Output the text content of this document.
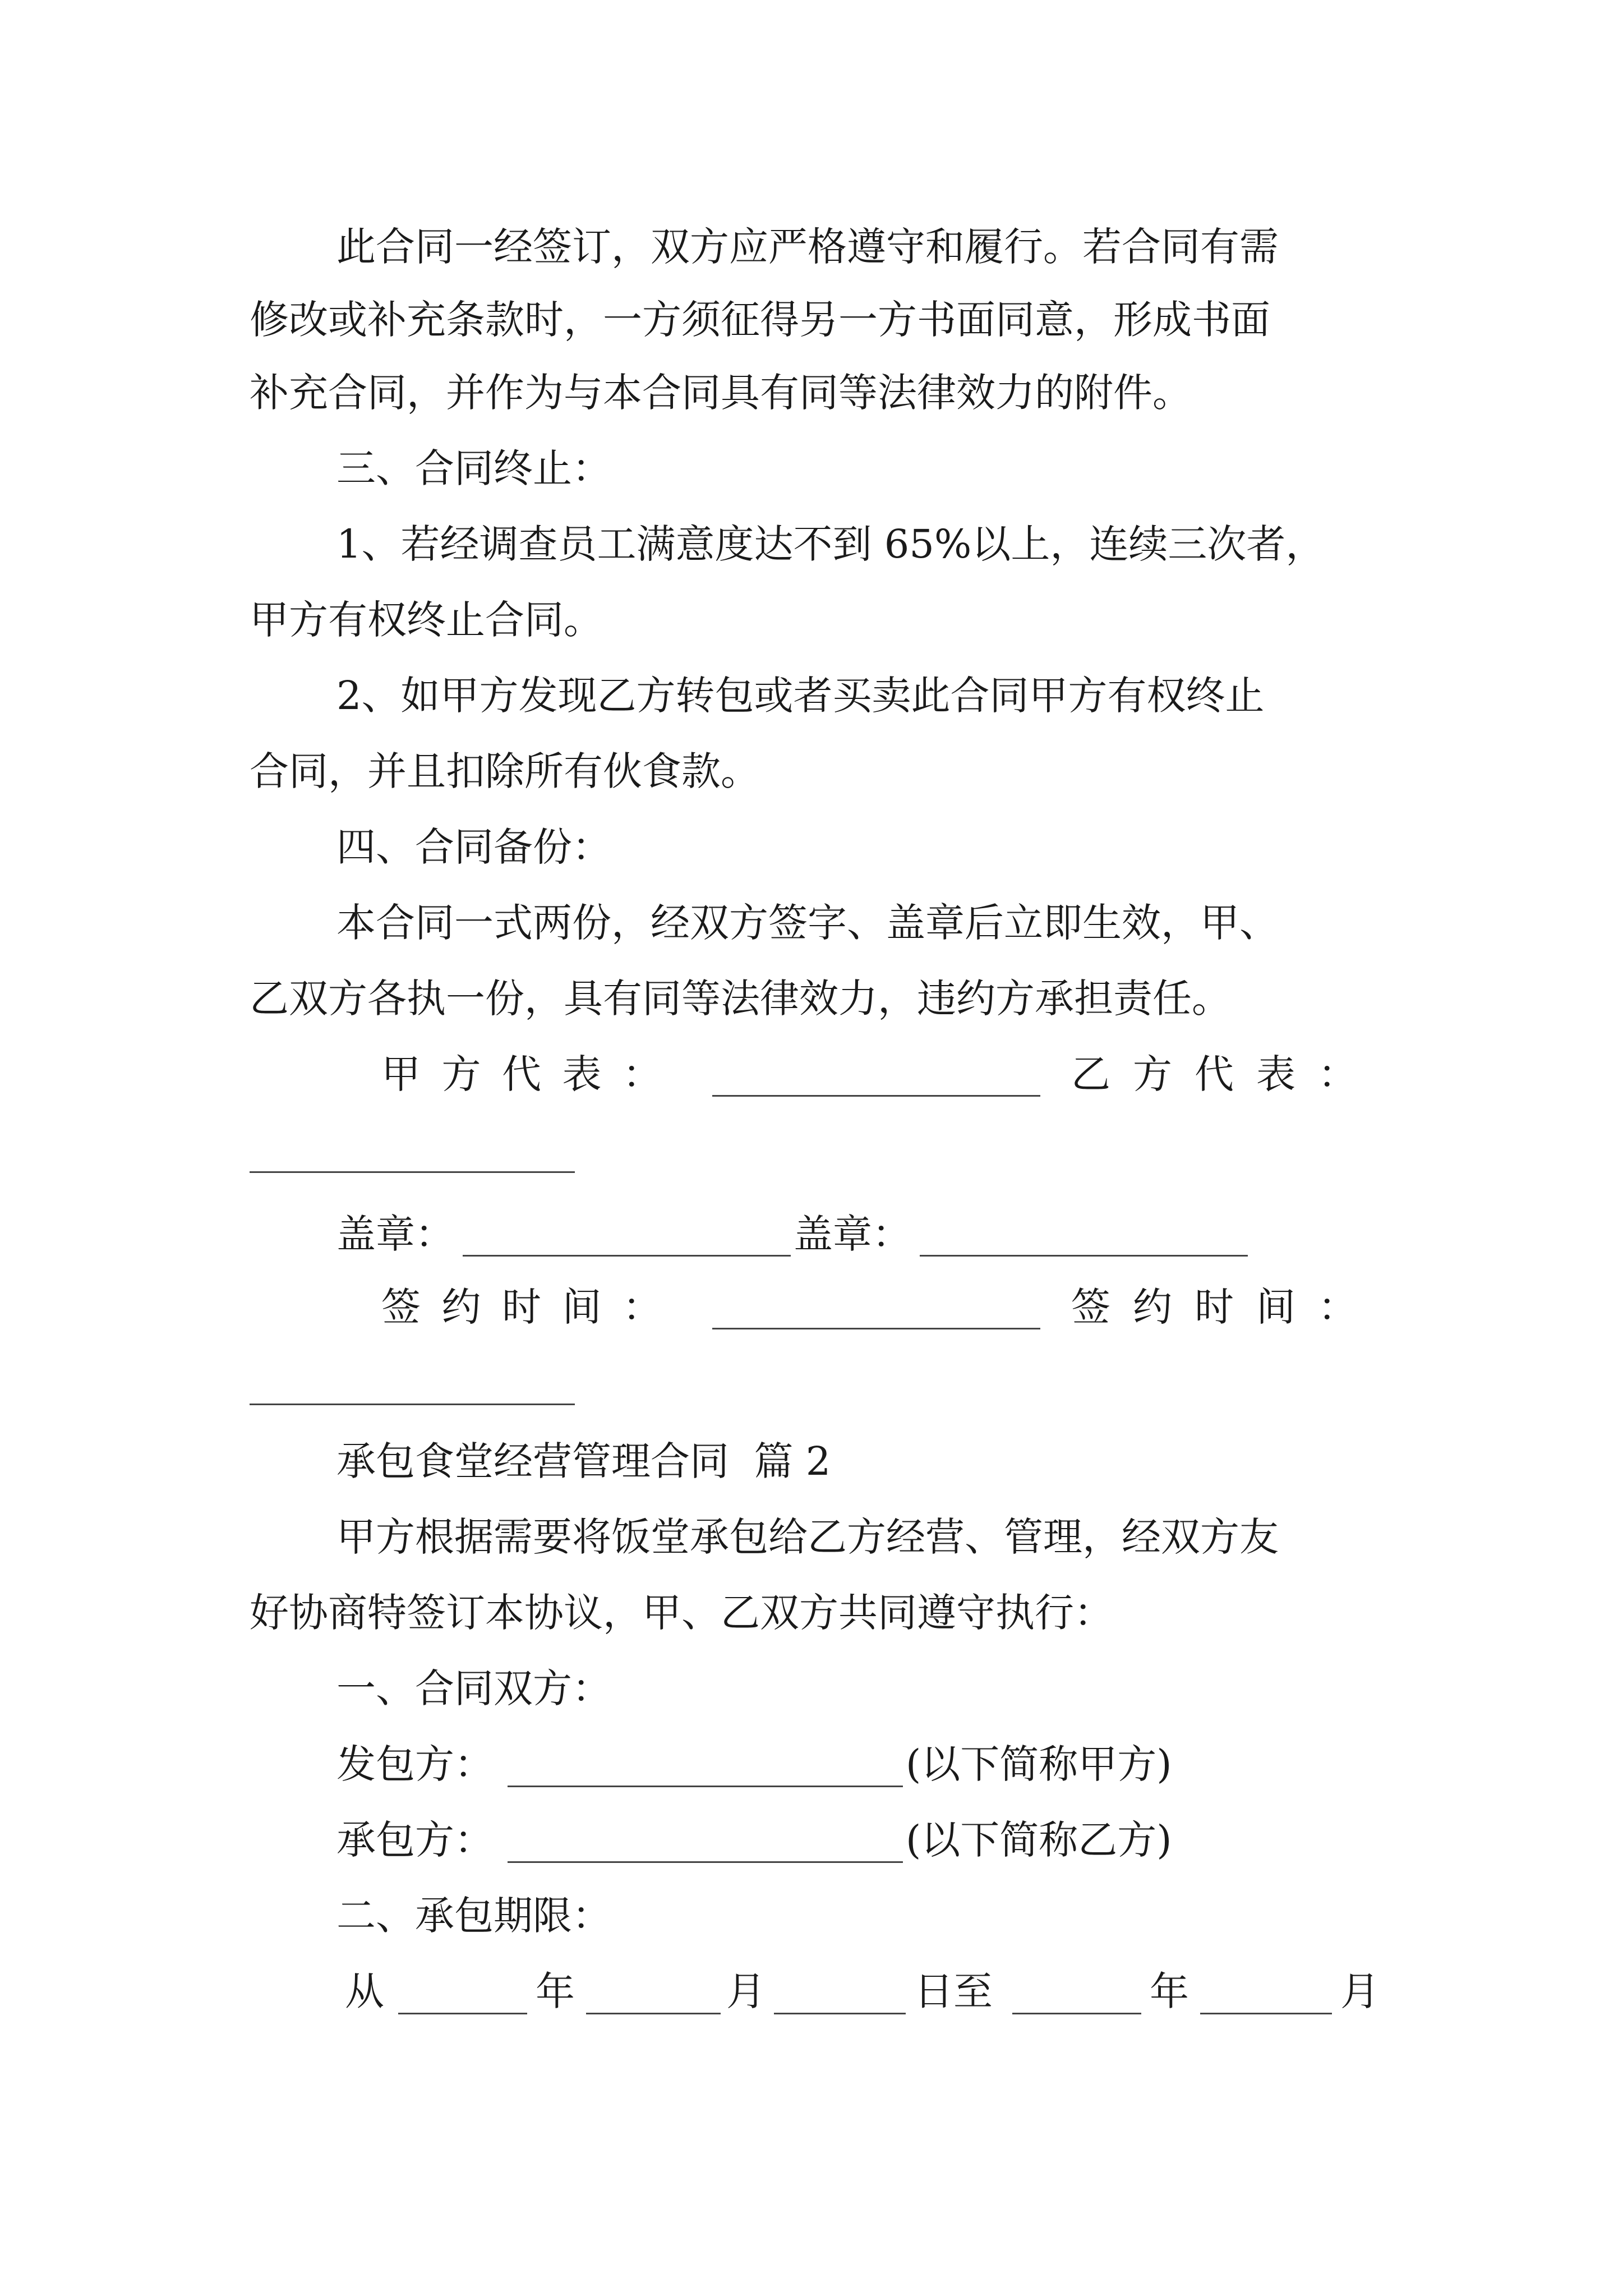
此合同一经签订，双方应严格遵守和履行。若合同有需
修改或补充条款时，一方须征得另一方书面同意，形成书面
补充合同，并作为与本合同具有同等法律效力的附件。
三、合同终止：
1、若经调查员工满意度达不到 65%以上，连续三次者，
甲方有权终止合同。
2、如甲方发现乙方转包或者买卖此合同甲方有权终止
合同，并且扣除所有伙食款。
四、合同备份：
本合同一式两份，经双方签字、盖章后立即生效，甲、
乙双方各执一份，具有同等法律效力，违约方承担责任。
甲 方 代 表 ：	乙 方 代 表 ：
盖章：	盖章：
签 约 时 间 ：	签 约 时 间 ：
承包食堂经营管理合同  篇 2
甲方根据需要将饭堂承包给乙方经营、管理，经双方友
好协商特签订本协议，甲、乙双方共同遵守执行：
一、合同双方：
发包方：	(以下简称甲方)
承包方：	(以下简称乙方)
二、承包期限：
从	年	月	日至	年	月
